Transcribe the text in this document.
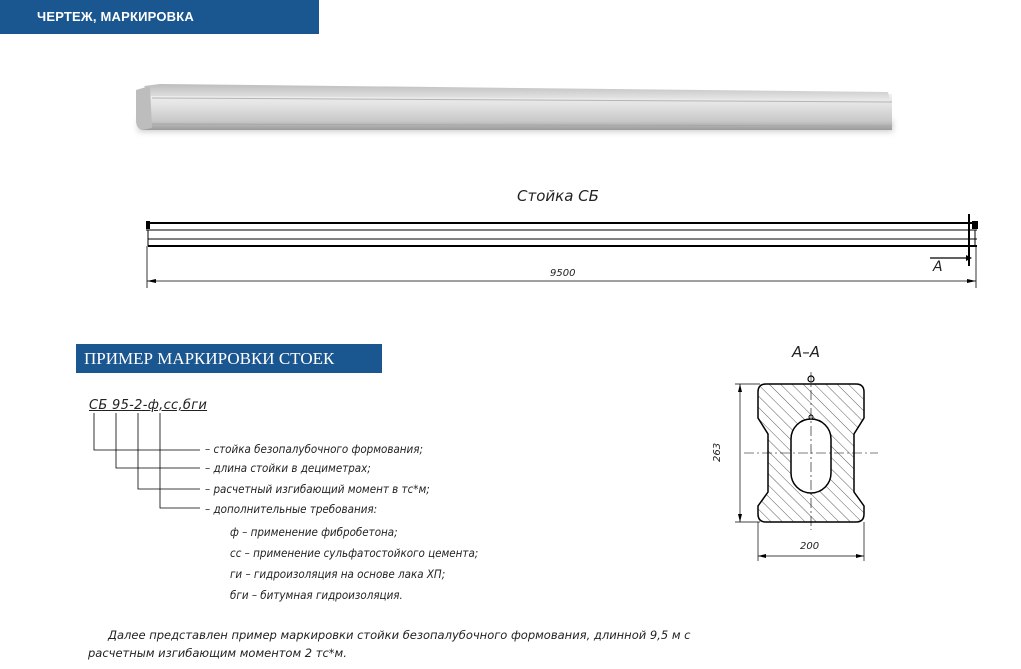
ЧЕРТЕЖ, МАРКИРОВКА
Стойка СБ
9500	А
А–А
263
200
ПРИМЕР МАРКИРОВКИ СТОЕК
СБ 95-2-ф,сс,бги
– стойка безопалубочного формования;
– длина стойки в дециметрах;
– расчетный изгибающий момент в тс*м;
– дополнительные требования:
ф – применение фибробетона;
сс – применение сульфатостойкого цемента;
ги – гидроизоляция на основе лака ХП;
бги – битумная гидроизоляция.
Далее представлен пример маркировки стойки безопалубочного формования, длинной 9,5 м с
расчетным изгибающим моментом 2 тс*м.
